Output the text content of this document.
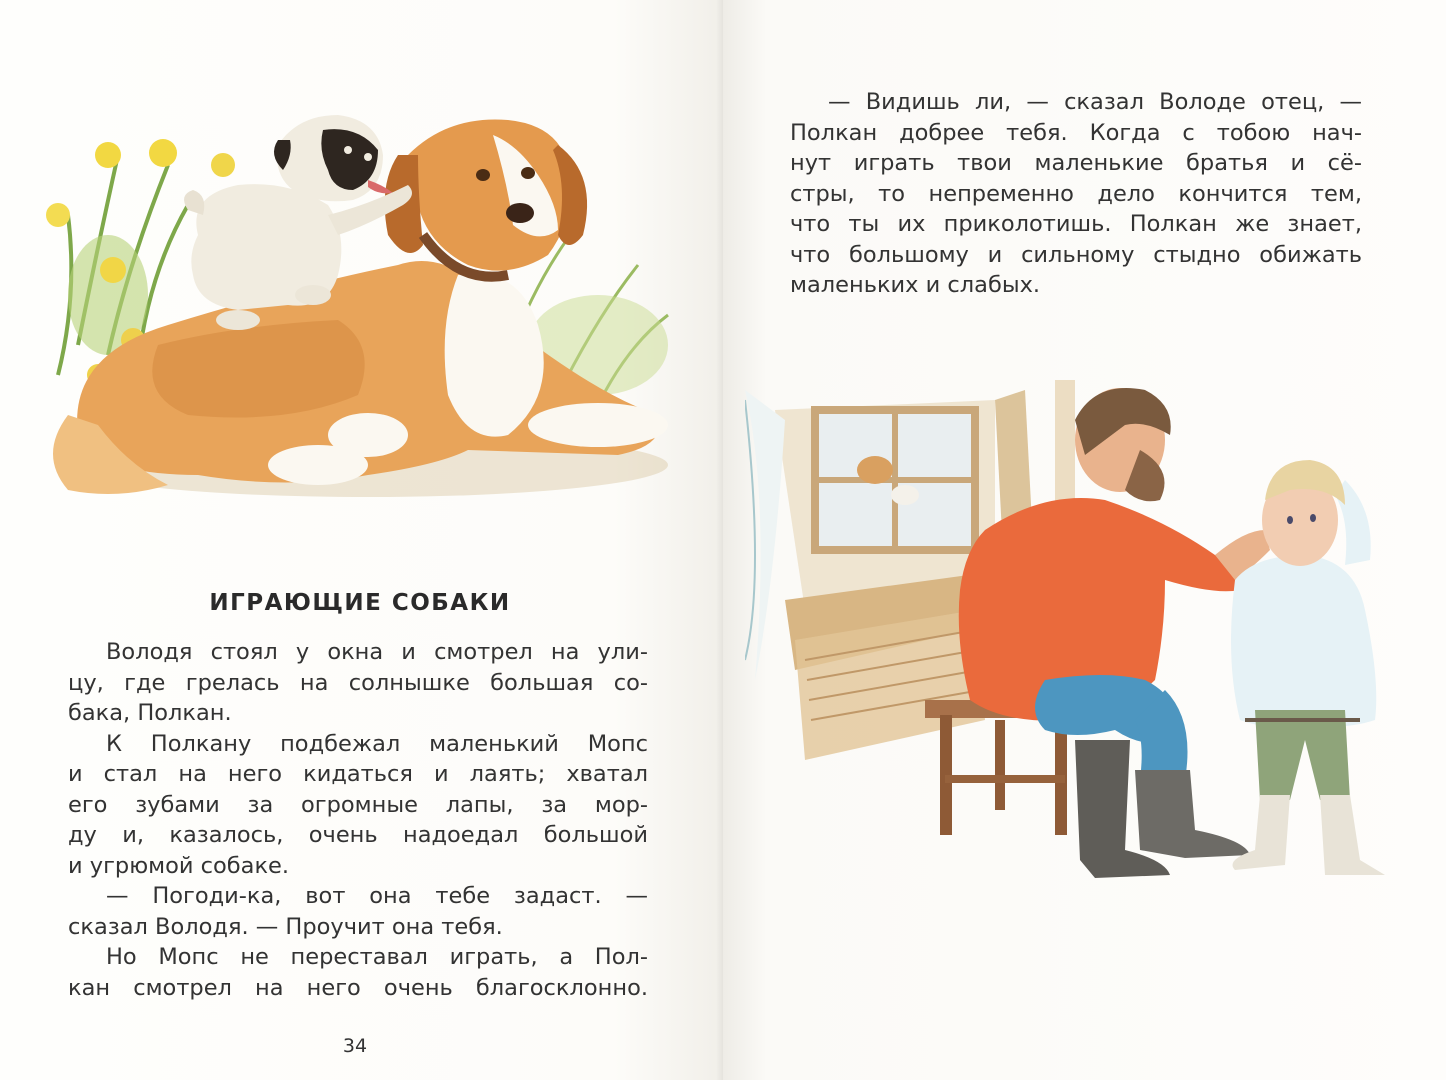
ИГРАЮЩИЕ СОБАКИ
Володя стоял у окна и смотрел на ули-
цу, где грелась на солнышке большая со-
бака, Полкан.
К Полкану подбежал маленький Мопс
и стал на него кидаться и лаять; хватал
его зубами за огромные лапы, за мор-
ду и, казалось, очень надоедал большой
и угрюмой собаке.
— Погоди-ка, вот она тебе задаст. —
сказал Володя. — Проучит она тебя.
Но Мопс не переставал играть, а Пол-
кан смотрел на него очень благосклонно.
34
— Видишь ли, — сказал Володе отец, —
Полкан добрее тебя. Когда с тобою нач-
нут играть твои маленькие братья и сё-
стры, то непременно дело кончится тем,
что ты их приколотишь. Полкан же знает,
что большому и сильному стыдно обижать
маленьких и слабых.
